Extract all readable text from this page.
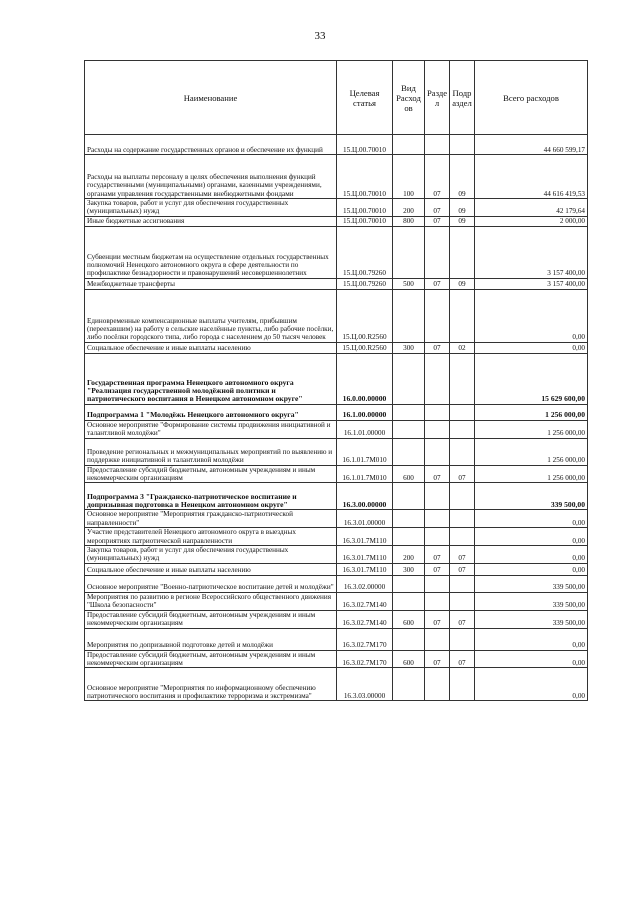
33
Наименование	Целевая статья	Вид Расход ов	Разде л	Подр аздел	Всего расходов
Расходы на содержание государственных органов и обеспечение их функций	15.Ц.00.70010				44 660 599,17
Расходы на выплаты персоналу в целях обеспечения выполнения функций государственными (муниципальными) органами, казенными учреждениями, органами управления государственными внебюджетными фондами	15.Ц.00.70010	100	07	09	44 616 419,53
Закупка товаров, работ и услуг для обеспечения государственных (муниципальных) нужд	15.Ц.00.70010	200	07	09	42 179,64
Иные бюджетные ассигнования	15.Ц.00.70010	800	07	09	2 000,00
Субвенции местным бюджетам на осуществление отдельных государственных полномочий Ненецкого автономного округа в сфере деятельности по профилактике безнадзорности и правонарушений несовершеннолетних	15.Ц.00.79260				3 157 400,00
Межбюджетные трансферты	15.Ц.00.79260	500	07	09	3 157 400,00
Единовременные компенсационные выплаты учителям, прибывшим (переехавшим) на работу в сельские населённые пункты, либо рабочие посёлки, либо посёлки городского типа, либо города с населением до 50 тысяч человек	15.Ц.00.R2560				0,00
Социальное обеспечение и иные выплаты населению	15.Ц.00.R2560	300	07	02	0,00
Государственная программа Ненецкого автономного округа "Реализация государственной молодёжной политики и патриотического воспитания в Ненецком автономном округе"	16.0.00.00000				15 629 600,00
Подпрограмма 1 "Молодёжь Ненецкого автономного округа"	16.1.00.00000				1 256 000,00
Основное мероприятие "Формирование системы продвижения инициативной и талантливой молодёжи"	16.1.01.00000				1 256 000,00
Проведение региональных и межмуниципальных мероприятий по выявлению и поддержке инициативной и талантливой молодёжи	16.1.01.7М010				1 256 000,00
Предоставление субсидий бюджетным, автономным учреждениям и иным некоммерческим организациям	16.1.01.7М010	600	07	07	1 256 000,00
Подпрограмма 3 "Гражданско-патриотическое воспитание и допризывная подготовка в Ненецком автономном округе"	16.3.00.00000				339 500,00
Основное мероприятие "Мероприятия гражданско-патриотической направленности"	16.3.01.00000				0,00
Участие представителей Ненецкого автономного округа в выездных мероприятиях патриотической направленности	16.3.01.7М110				0,00
Закупка товаров, работ и услуг для обеспечения государственных (муниципальных) нужд	16.3.01.7М110	200	07	07	0,00
Социальное обеспечение и иные выплаты населению	16.3.01.7М110	300	07	07	0,00
Основное мероприятие "Военно-патриотическое воспитание детей и молодёжи"	16.3.02.00000				339 500,00
Мероприятия по развитию в регионе Всероссийского общественного движения "Школа безопасности"	16.3.02.7М140				339 500,00
Предоставление субсидий бюджетным, автономным учреждениям и иным некоммерческим организациям	16.3.02.7М140	600	07	07	339 500,00
Мероприятия по допризывной подготовке детей и молодёжи	16.3.02.7М170				0,00
Предоставление субсидий бюджетным, автономным учреждениям и иным некоммерческим организациям	16.3.02.7М170	600	07	07	0,00
Основное мероприятие "Мероприятия по информационному обеспечению патриотического воспитания и профилактике терроризма и экстремизма"	16.3.03.00000				0,00
